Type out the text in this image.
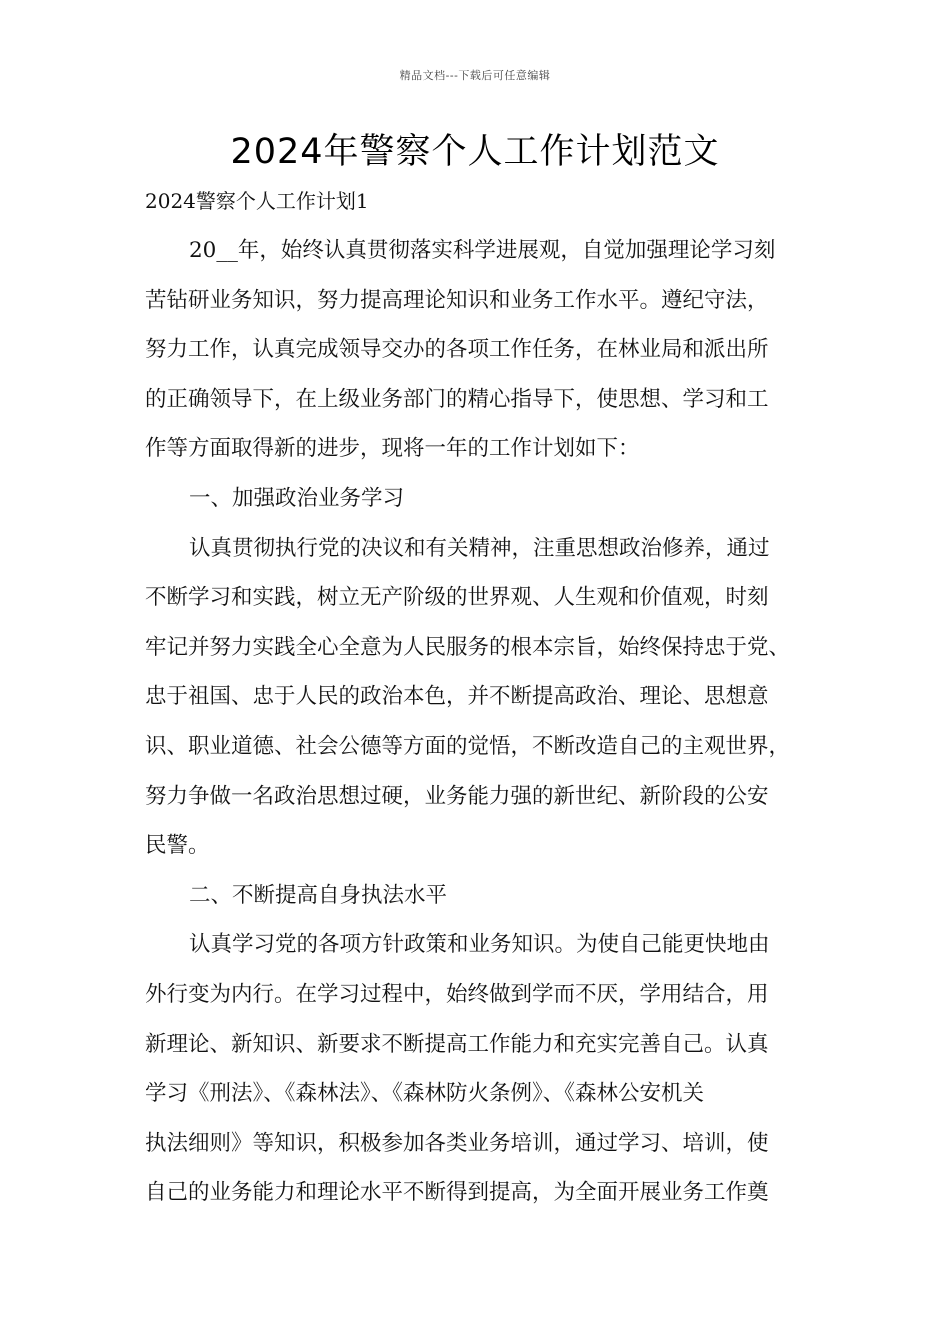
精品文档---下载后可任意编辑
2024年警察个人工作计划范文
2024警察个人工作计划1
20__年，始终认真贯彻落实科学进展观，自觉加强理论学习刻
苦钻研业务知识，努力提高理论知识和业务工作水平。遵纪守法，
努力工作，认真完成领导交办的各项工作任务，在林业局和派出所
的正确领导下，在上级业务部门的精心指导下，使思想、学习和工
作等方面取得新的进步，现将一年的工作计划如下：
一、加强政治业务学习
认真贯彻执行党的决议和有关精神，注重思想政治修养，通过
不断学习和实践，树立无产阶级的世界观、人生观和价值观，时刻
牢记并努力实践全心全意为人民服务的根本宗旨，始终保持忠于党、
忠于祖国、忠于人民的政治本色，并不断提高政治、理论、思想意
识、职业道德、社会公德等方面的觉悟，不断改造自己的主观世界，
努力争做一名政治思想过硬，业务能力强的新世纪、新阶段的公安
民警。
二、不断提高自身执法水平
认真学习党的各项方针政策和业务知识。为使自己能更快地由
外行变为内行。在学习过程中，始终做到学而不厌，学用结合，用
新理论、新知识、新要求不断提高工作能力和充实完善自己。认真
学习《刑法》、《森林法》、《森林防火条例》、《森林公安机关
执法细则》等知识，积极参加各类业务培训，通过学习、培训，使
自己的业务能力和理论水平不断得到提高，为全面开展业务工作奠
